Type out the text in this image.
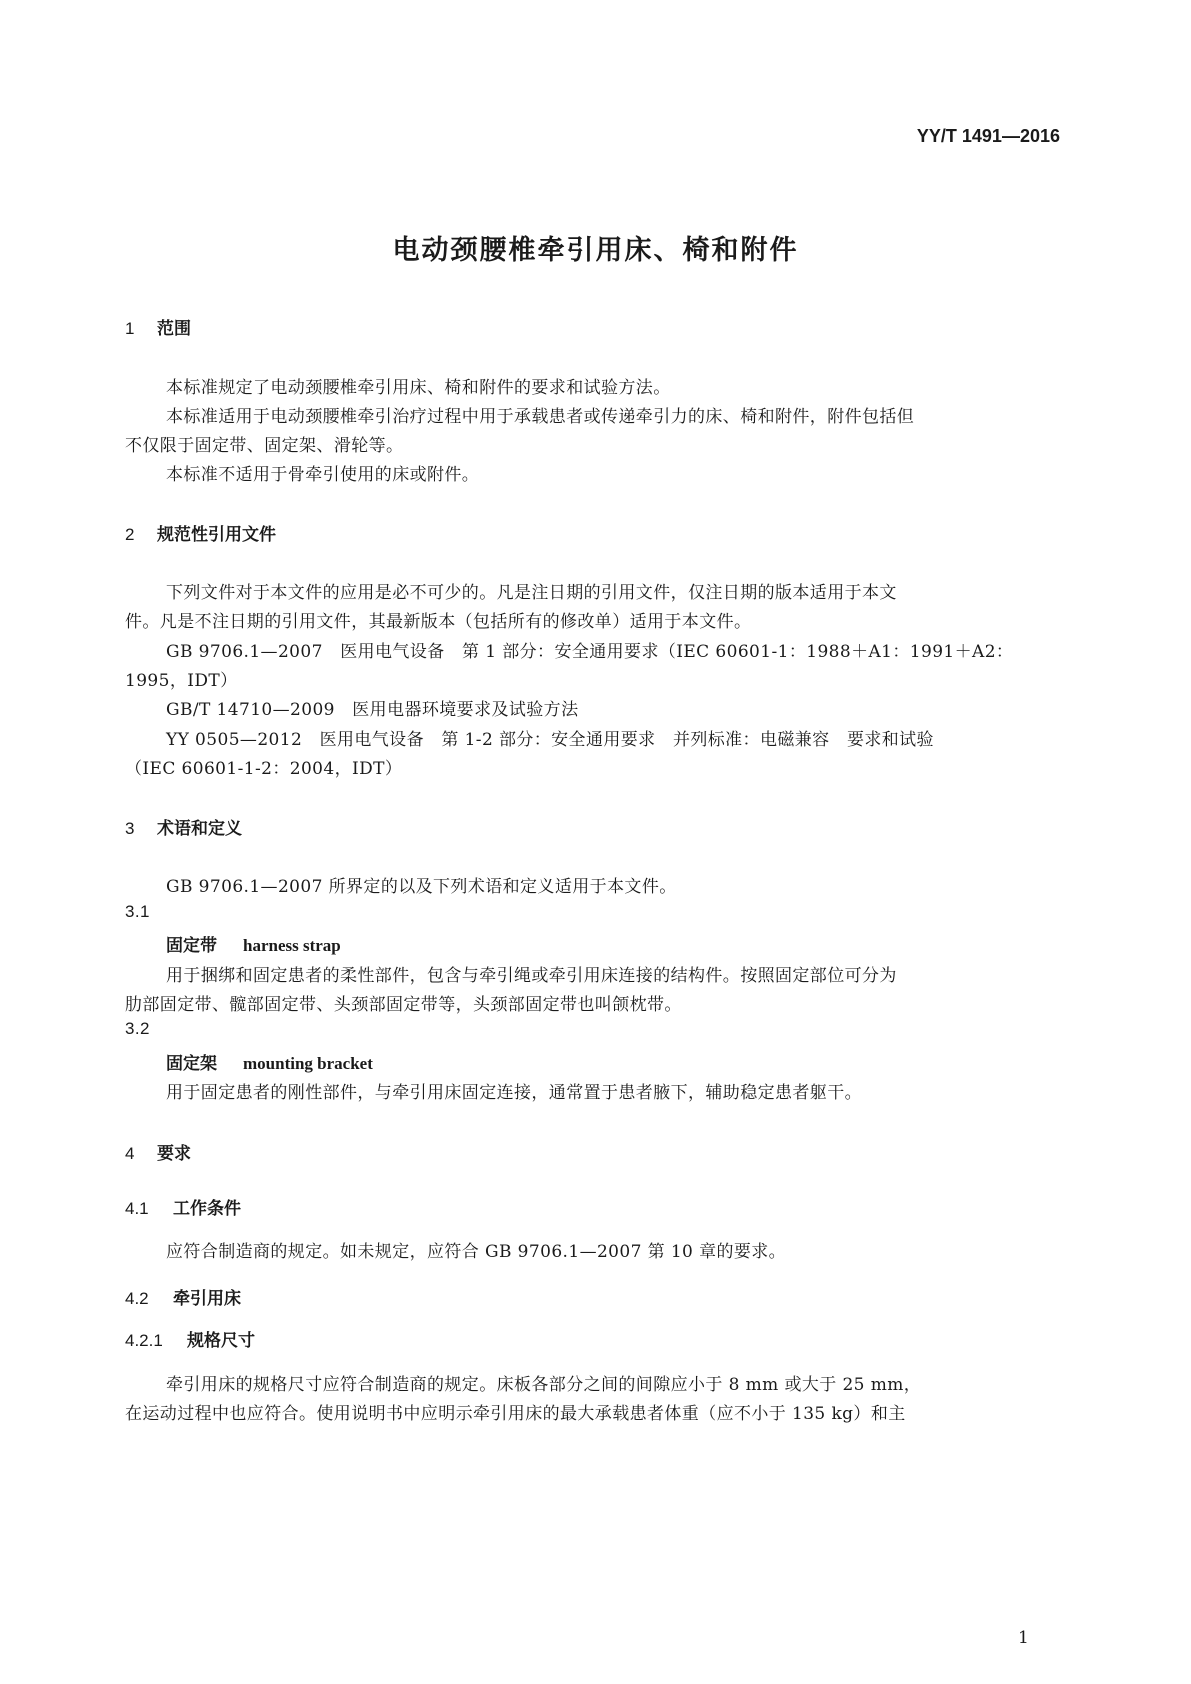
YY/T 1491—2016
电动颈腰椎牵引用床、椅和附件
1 范围
本标准规定了电动颈腰椎牵引用床、椅和附件的要求和试验方法。
本标准适用于电动颈腰椎牵引治疗过程中用于承载患者或传递牵引力的床、椅和附件，附件包括但
不仅限于固定带、固定架、滑轮等。
本标准不适用于骨牵引使用的床或附件。
2 规范性引用文件
下列文件对于本文件的应用是必不可少的。凡是注日期的引用文件，仅注日期的版本适用于本文
件。凡是不注日期的引用文件，其最新版本（包括所有的修改单）适用于本文件。
GB 9706.1—2007　医用电气设备　第 1 部分：安全通用要求（IEC 60601-1：1988＋A1：1991＋A2：
1995，IDT）
GB/T 14710—2009　医用电器环境要求及试验方法
YY 0505—2012　医用电气设备　第 1-2 部分：安全通用要求　并列标准：电磁兼容　要求和试验
（IEC 60601-1-2：2004，IDT）
3 术语和定义
GB 9706.1—2007 所界定的以及下列术语和定义适用于本文件。
3.1
固定带 harness strap
用于捆绑和固定患者的柔性部件，包含与牵引绳或牵引用床连接的结构件。按照固定部位可分为
肋部固定带、髋部固定带、头颈部固定带等，头颈部固定带也叫颌枕带。
3.2
固定架 mounting bracket
用于固定患者的刚性部件，与牵引用床固定连接，通常置于患者腋下，辅助稳定患者躯干。
4 要求
4.1 工作条件
应符合制造商的规定。如未规定，应符合 GB 9706.1—2007 第 10 章的要求。
4.2 牵引用床
4.2.1 规格尺寸
牵引用床的规格尺寸应符合制造商的规定。床板各部分之间的间隙应小于 8 mm 或大于 25 mm，
在运动过程中也应符合。使用说明书中应明示牵引用床的最大承载患者体重（应不小于 135 kg）和主
1
